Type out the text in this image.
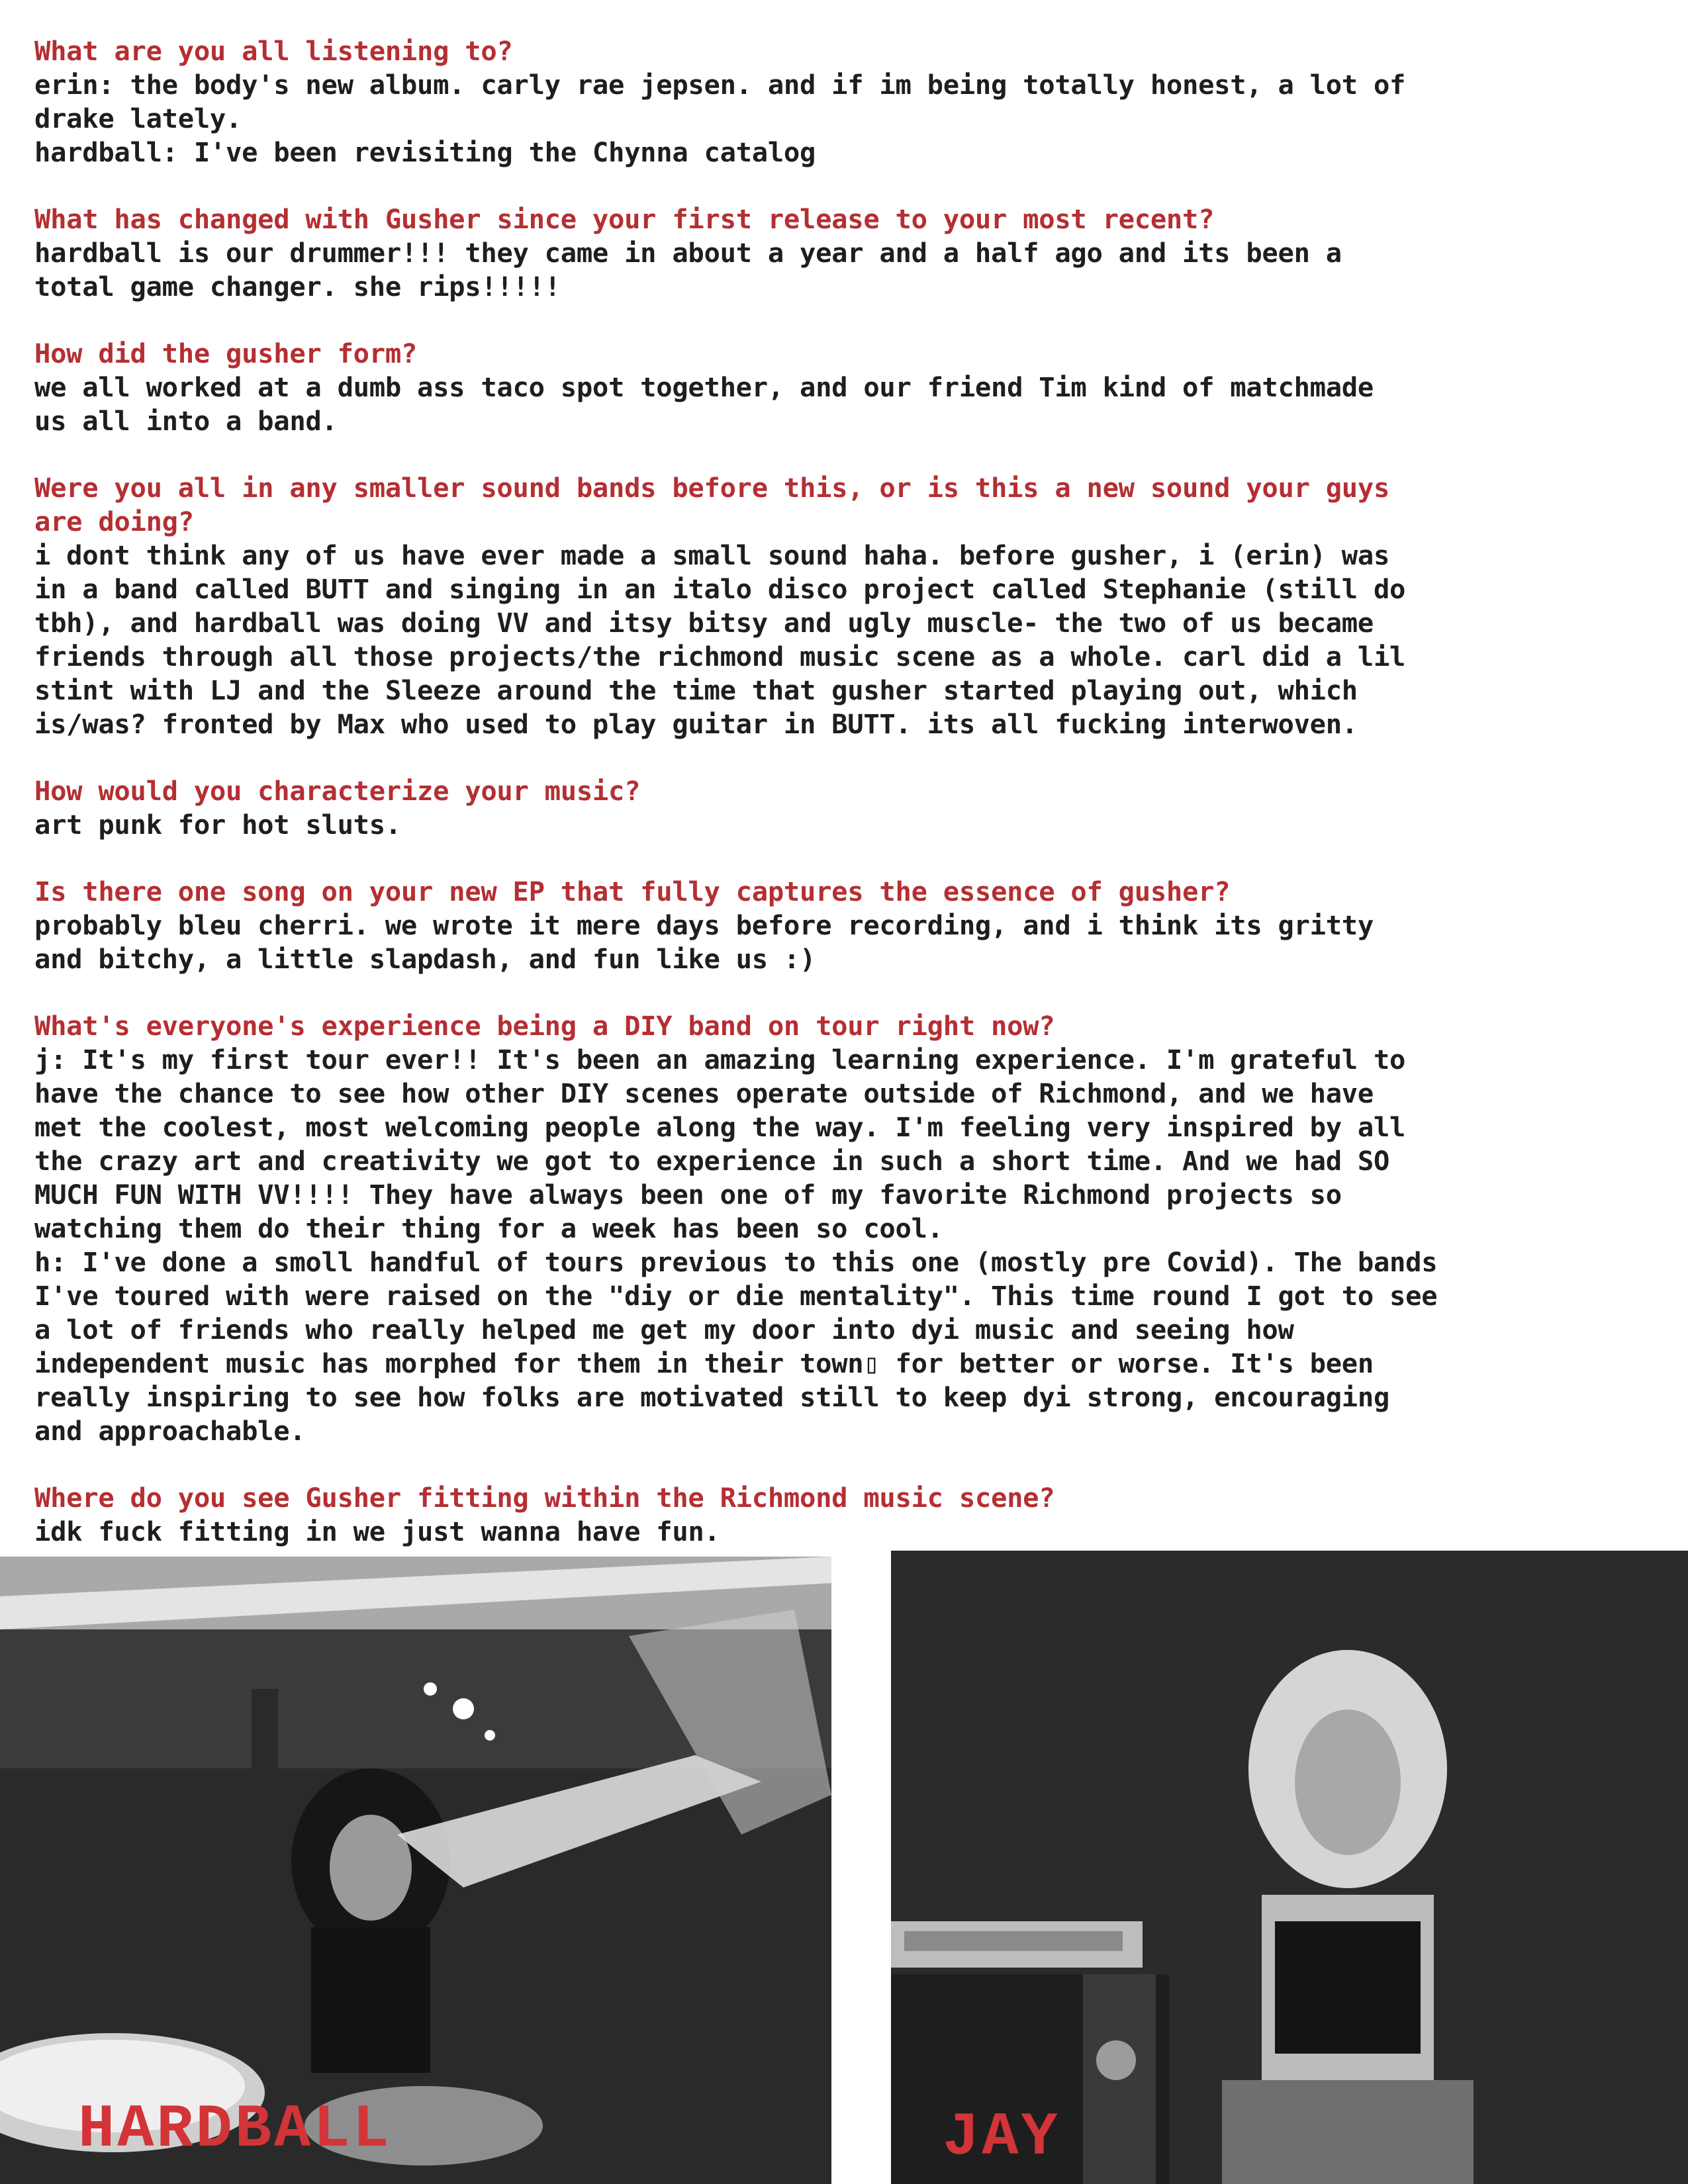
What are you all listening to?

erin: the body's new album. carly rae jepsen. and if im being totally honest, a lot of
drake lately.
hardball: I've been revisiting the Chynna catalog

What has changed with Gusher since your first release to your most recent?

hardball is our drummer!!! they came in about a year and a half ago and its been a
total game changer. she rips!!!!!

How did the gusher form?

we all worked at a dumb ass taco spot together, and our friend Tim kind of matchmade
us all into a band.

Were you all in any smaller sound bands before this, or is this a new sound your guys
are doing?

i dont think any of us have ever made a small sound haha. before gusher, i (erin) was
in a band called BUTT and singing in an italo disco project called Stephanie (still do
tbh), and hardball was doing VV and itsy bitsy and ugly muscle- the two of us became
friends through all those projects/the richmond music scene as a whole. carl did a lil
stint with LJ and the Sleeze around the time that gusher started playing out, which
is/was? fronted by Max who used to play guitar in BUTT. its all fucking interwoven.

How would you characterize your music?

art punk for hot sluts.

Is there one song on your new EP that fully captures the essence of gusher?

probably bleu cherri. we wrote it mere days before recording, and i think its gritty
and bitchy, a little slapdash, and fun like us :)

What's everyone's experience being a DIY band on tour right now?

j: It's my first tour ever!! It's been an amazing learning experience. I'm grateful to
have the chance to see how other DIY scenes operate outside of Richmond, and we have
met the coolest, most welcoming people along the way. I'm feeling very inspired by all
the crazy art and creativity we got to experience in such a short time. And we had SO
MUCH FUN WITH VV!!!! They have always been one of my favorite Richmond projects so
watching them do their thing for a week has been so cool.
h: I've done a smoll handful of tours previous to this one (mostly pre Covid). The bands
I've toured with were raised on the "diy or die mentality". This time round I got to see
a lot of friends who really helped me get my door into dyi music and seeing how
independent music has morphed for them in their town▯ for better or worse. It's been
really inspiring to see how folks are motivated still to keep dyi strong, encouraging
and approachable.

Where do you see Gusher fitting within the Richmond music scene?

idk fuck fitting in we just wanna have fun.

HARDBALL	JAY
